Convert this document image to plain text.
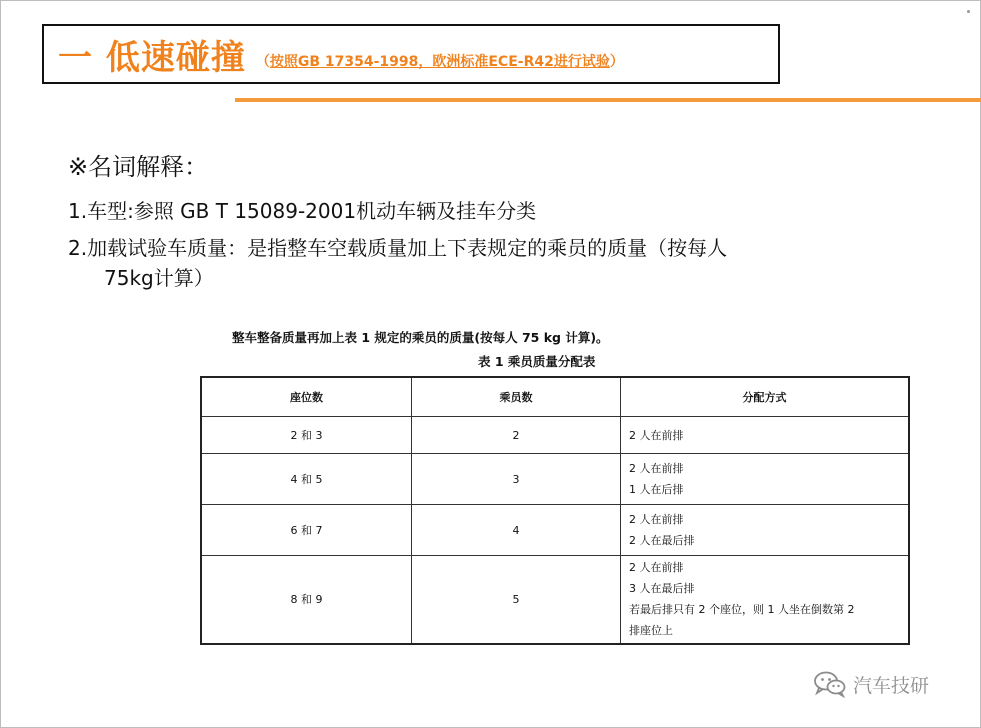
一 低速碰撞 （按照GB 17354-1998，欧洲标准ECE-R42进行试验）
※名词解释：
1.车型:参照 GB T 15089-2001机动车辆及挂车分类
2.加载试验车质量：是指整车空载质量加上下表规定的乘员的质量（按每人
75kg计算）
整车整备质量再加上表 1 规定的乘员的质量(按每人 75 kg 计算)。
表 1 乘员质量分配表
座位数	乘员数	分配方式
2 和 3	2	2 人在前排

4 和 5	3	2 人在前排
1 人在后排

6 和 7	4	2 人在前排
2 人在最后排

8 和 9	5	2 人在前排
3 人在最后排
若最后排只有 2 个座位，则 1 人坐在倒数第 2
排座位上
汽车技研
